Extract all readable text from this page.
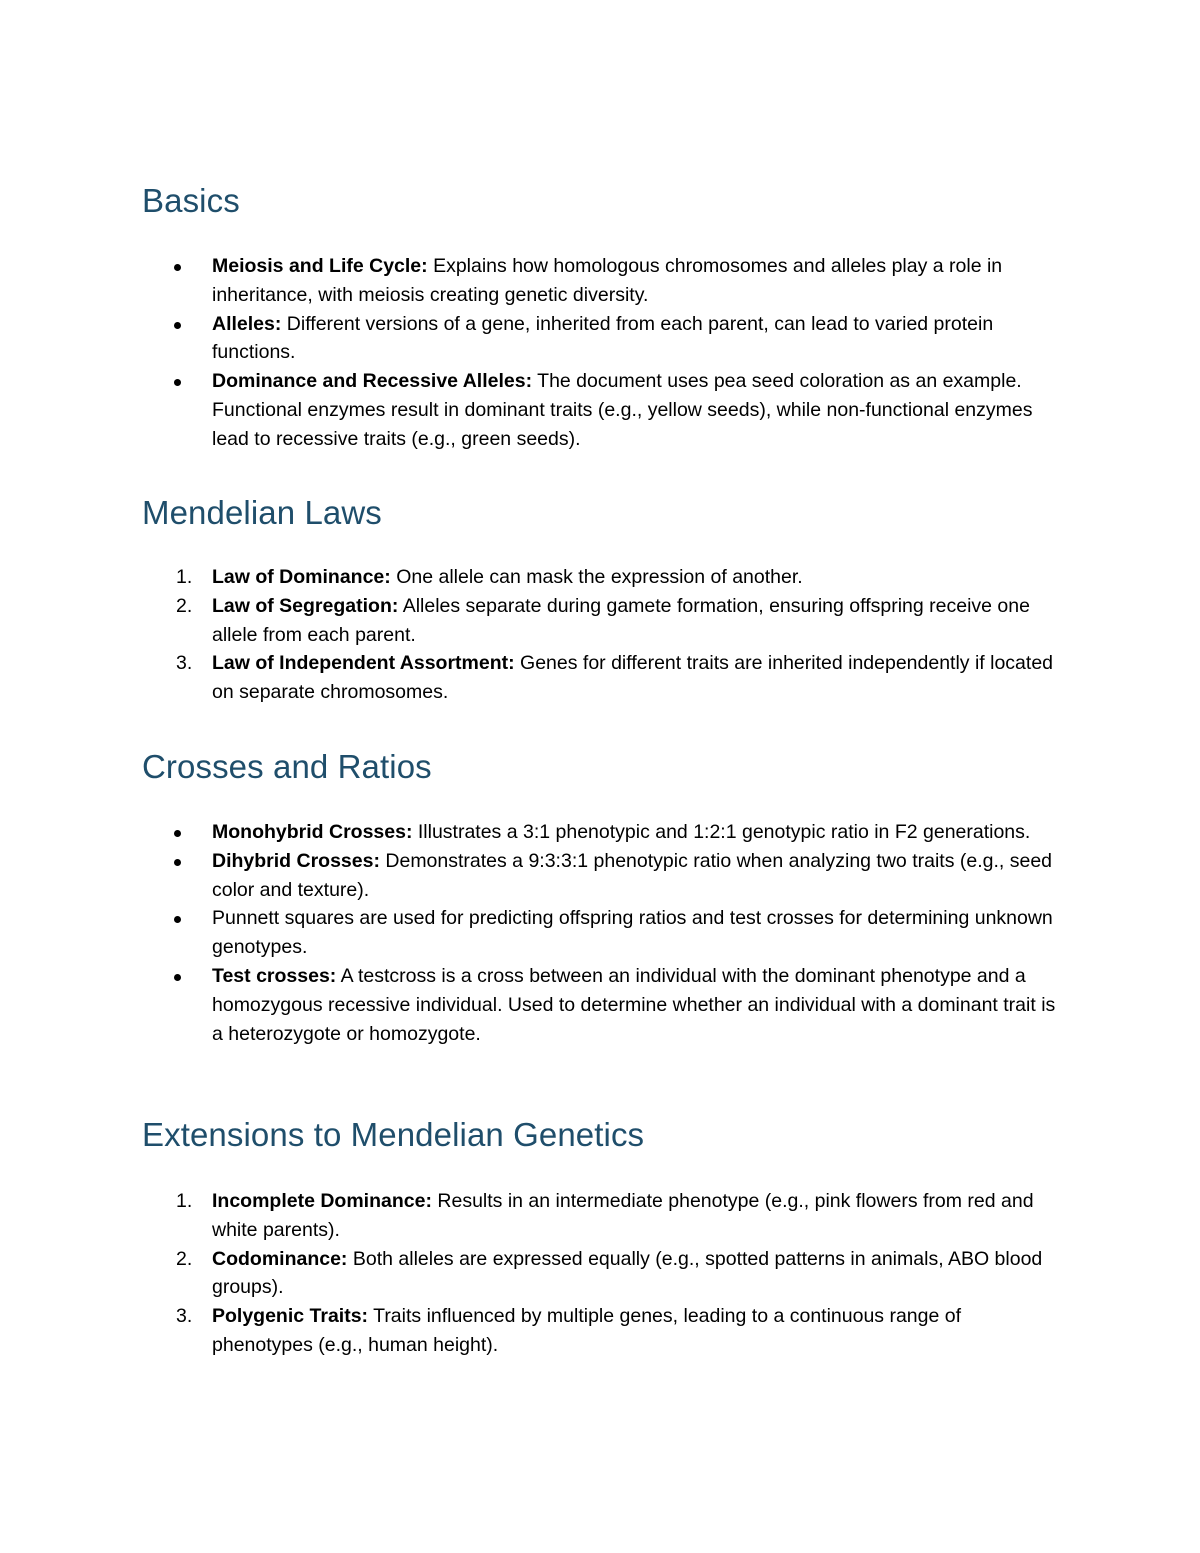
Basics
Meiosis and Life Cycle: Explains how homologous chromosomes and alleles play a role in inheritance, with meiosis creating genetic diversity.
Alleles: Different versions of a gene, inherited from each parent, can lead to varied protein functions.
Dominance and Recessive Alleles: The document uses pea seed coloration as an example. Functional enzymes result in dominant traits (e.g., yellow seeds), while non-functional enzymes lead to recessive traits (e.g., green seeds).
Mendelian Laws
1. Law of Dominance: One allele can mask the expression of another.
2. Law of Segregation: Alleles separate during gamete formation, ensuring offspring receive one allele from each parent.
3. Law of Independent Assortment: Genes for different traits are inherited independently if located on separate chromosomes.
Crosses and Ratios
Monohybrid Crosses: Illustrates a 3:1 phenotypic and 1:2:1 genotypic ratio in F2 generations.
Dihybrid Crosses: Demonstrates a 9:3:3:1 phenotypic ratio when analyzing two traits (e.g., seed color and texture).
Punnett squares are used for predicting offspring ratios and test crosses for determining unknown genotypes.
Test crosses: A testcross is a cross between an individual with the dominant phenotype and a homozygous recessive individual. Used to determine whether an individual with a dominant trait is a heterozygote or homozygote.
Extensions to Mendelian Genetics
1. Incomplete Dominance: Results in an intermediate phenotype (e.g., pink flowers from red and white parents).
2. Codominance: Both alleles are expressed equally (e.g., spotted patterns in animals, ABO blood groups).
3. Polygenic Traits: Traits influenced by multiple genes, leading to a continuous range of phenotypes (e.g., human height).
